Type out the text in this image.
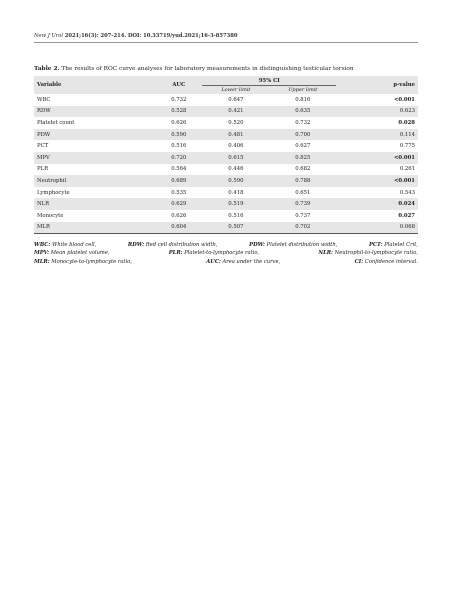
New J Urol 2021;16(3): 207-214. DOI: 10.33719/yud.2021;16-3-857380
Table 2. The results of ROC curve analyses for laboratory measurements in distinguishing testicular torsion
Variable	AUC	95% CI		p-value
		Lower limit	Upper limit	
WBC	0.732	0.647	0.816	<0.001
RDW	0.528	0.421	0.635	0.623
Platelet count	0.626	0.520	0.732	0.028
PDW	0.590	0.481	0.700	0.114
PCT	0.516	0.406	0.627	0.775
MPV	0.720	0.615	0.825	<0.001
PLR	0.564	0.446	0.682	0.261
Neutrophil	0.689	0.590	0.788	<0.001
Lymphocyte	0.535	0.418	0.651	0.543
NLR	0.629	0.519	0.739	0.024
Monocyte	0.626	0.516	0.737	0.027
MLR	0.604	0.507	0.702	0.068
WBC: White blood cell,	RDW: Red cell distribution width,	PDW: Platelet distribution width,	PCT: Platelet Crit,
MPV: Mean platelet volume,	PLR: Platelet-to-lymphocyte ratio,	NLR: Neutrophil-to-lymphocyte ratio,
MLR: Monocyte-to-lymphocyte ratio,	AUC: Area under the curve,	CI: Confidence interval.
